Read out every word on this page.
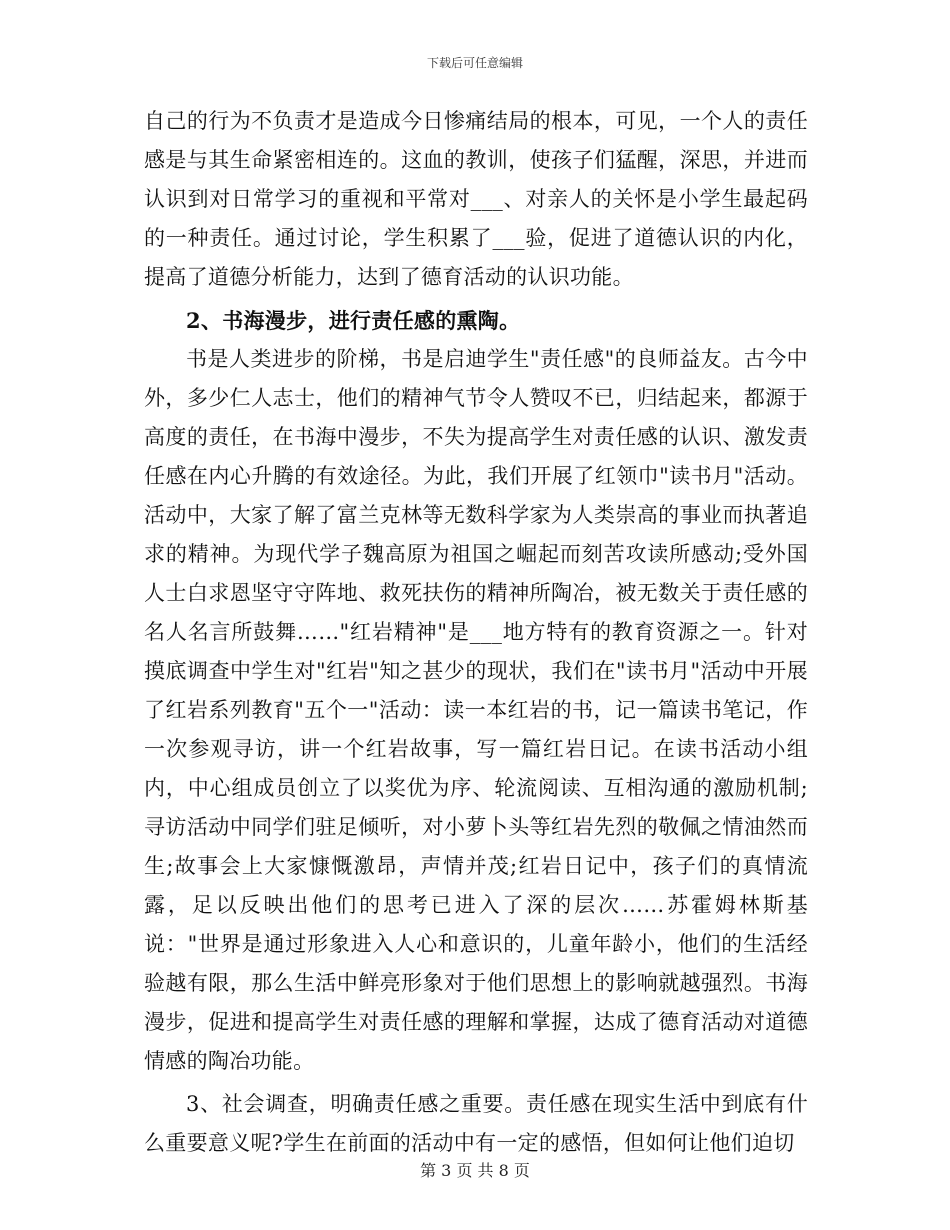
下载后可任意编辑

自己的行为不负责才是造成今日惨痛结局的根本，可见，一个人的责任感是与其生命紧密相连的。这血的教训，使孩子们猛醒，深思，并进而认识到对日常学习的重视和平常对___、对亲人的关怀是小学生最起码的一种责任。通过讨论，学生积累了___验，促进了道德认识的内化，提高了道德分析能力，达到了德育活动的认识功能。

2、书海漫步，进行责任感的熏陶。

书是人类进步的阶梯，书是启迪学生"责任感"的良师益友。古今中外，多少仁人志士，他们的精神气节令人赞叹不已，归结起来，都源于高度的责任，在书海中漫步，不失为提高学生对责任感的认识、激发责任感在内心升腾的有效途径。为此，我们开展了红领巾"读书月"活动。活动中，大家了解了富兰克林等无数科学家为人类崇高的事业而执著追求的精神。为现代学子魏高原为祖国之崛起而刻苦攻读所感动;受外国人士白求恩坚守守阵地、救死扶伤的精神所陶冶，被无数关于责任感的名人名言所鼓舞……"红岩精神"是___地方特有的教育资源之一。针对摸底调查中学生对"红岩"知之甚少的现状，我们在"读书月"活动中开展了红岩系列教育"五个一"活动：读一本红岩的书，记一篇读书笔记，作一次参观寻访，讲一个红岩故事，写一篇红岩日记。在读书活动小组内，中心组成员创立了以奖优为序、轮流阅读、互相沟通的激励机制;寻访活动中同学们驻足倾听，对小萝卜头等红岩先烈的敬佩之情油然而生;故事会上大家慷慨激昂，声情并茂;红岩日记中，孩子们的真情流露，足以反映出他们的思考已进入了深的层次……苏霍姆林斯基说："世界是通过形象进入人心和意识的，儿童年龄小，他们的生活经验越有限，那么生活中鲜亮形象对于他们思想上的影响就越强烈。书海漫步，促进和提高学生对责任感的理解和掌握，达成了德育活动对道德情感的陶冶功能。

3、社会调查，明确责任感之重要。责任感在现实生活中到底有什么重要意义呢?学生在前面的活动中有一定的感悟，但如何让他们迫切

第 3 页 共 8 页
